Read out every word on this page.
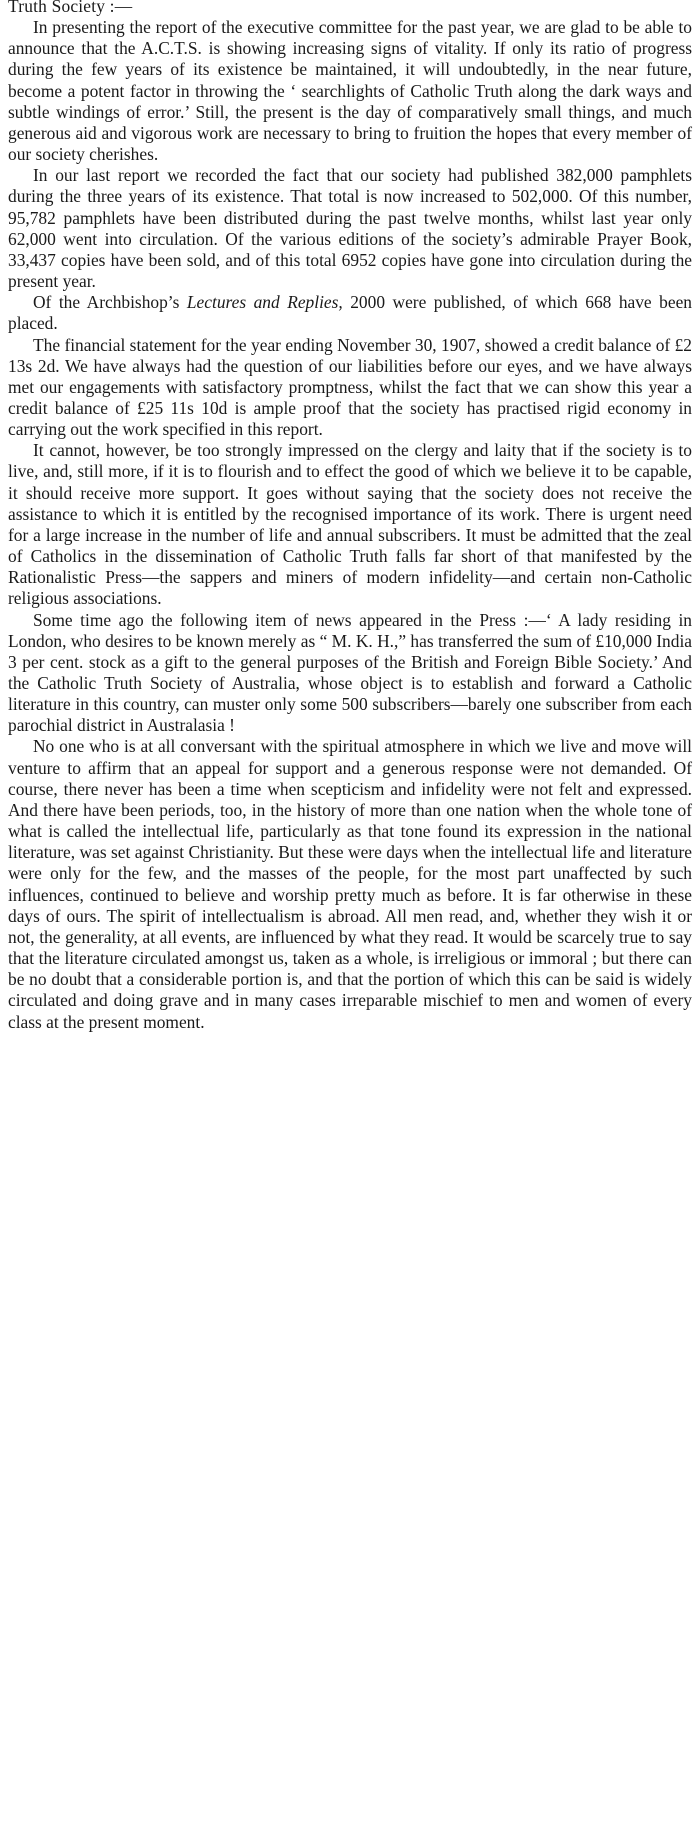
Truth Society :—

In presenting the report of the executive committee for the past year, we are glad to be able to announce that the A.C.T.S. is showing increasing signs of vitality. If only its ratio of progress during the few years of its existence be maintained, it will undoubtedly, in the near future, become a potent factor in throwing the ‘ searchlights of Catholic Truth along the dark ways and subtle windings of error.’ Still, the present is the day of comparatively small things, and much generous aid and vigorous work are necessary to bring to fruition the hopes that every member of our society cherishes.

In our last report we recorded the fact that our society had published 382,000 pamphlets during the three years of its existence. That total is now increased to 502,000. Of this number, 95,782 pamphlets have been distributed during the past twelve months, whilst last year only 62,000 went into circulation. Of the various editions of the society’s admirable Prayer Book, 33,437 copies have been sold, and of this total 6952 copies have gone into circulation during the present year.

Of the Archbishop’s Lectures and Replies, 2000 were published, of which 668 have been placed.

The financial statement for the year ending November 30, 1907, showed a credit balance of £2 13s 2d. We have always had the question of our liabilities before our eyes, and we have always met our engagements with satisfactory promptness, whilst the fact that we can show this year a credit balance of £25 11s 10d is ample proof that the society has practised rigid economy in carrying out the work specified in this report.

It cannot, however, be too strongly impressed on the clergy and laity that if the society is to live, and, still more, if it is to flourish and to effect the good of which we believe it to be capable, it should receive more support. It goes without saying that the society does not receive the assistance to which it is entitled by the recognised importance of its work. There is urgent need for a large increase in the number of life and annual subscribers. It must be admitted that the zeal of Catholics in the dissemination of Catholic Truth falls far short of that manifested by the Rationalistic Press—the sappers and miners of modern infidelity—and certain non-Catholic religious associations.

Some time ago the following item of news appeared in the Press :—‘ A lady residing in London, who desires to be known merely as “ M. K. H.,” has transferred the sum of £10,000 India 3 per cent. stock as a gift to the general purposes of the British and Foreign Bible Society.’ And the Catholic Truth Society of Australia, whose object is to establish and forward a Catholic literature in this country, can muster only some 500 subscribers—barely one subscriber from each parochial district in Australasia !

No one who is at all conversant with the spiritual atmosphere in which we live and move will venture to affirm that an appeal for support and a generous response were not demanded. Of course, there never has been a time when scepticism and infidelity were not felt and expressed. And there have been periods, too, in the history of more than one nation when the whole tone of what is called the intellectual life, particularly as that tone found its expression in the national literature, was set against Christianity. But these were days when the intellectual life and literature were only for the few, and the masses of the people, for the most part unaffected by such influences, continued to believe and worship pretty much as before. It is far otherwise in these days of ours. The spirit of intellectualism is abroad. All men read, and, whether they wish it or not, the generality, at all events, are influenced by what they read. It would be scarcely true to say that the literature circulated amongst us, taken as a whole, is irreligious or immoral ; but there can be no doubt that a considerable portion is, and that the portion of which this can be said is widely circulated and doing grave and in many cases irreparable mischief to men and women of every class at the present moment.
